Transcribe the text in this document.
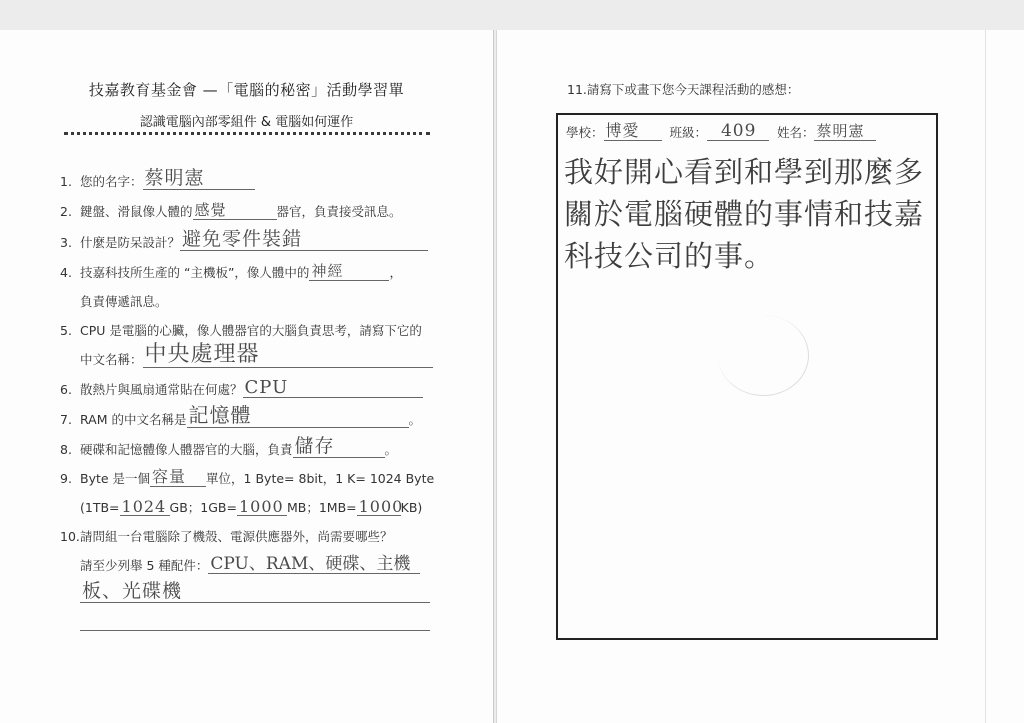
技嘉教育基金會 —「電腦的秘密」活動學習單
認識電腦內部零組件 & 電腦如何運作
1. 您的名字： 蔡明憲
2. 鍵盤、滑鼠像人體的 感覺	器官，負責接受訊息。
3. 什麼是防呆設計？ 避免零件裝錯
4. 技嘉科技所生產的 “主機板”，像人體中的 神經	，
負責傳遞訊息。
5. CPU 是電腦的心臟，像人體器官的大腦負責思考，請寫下它的
中文名稱： 中央處理器
6. 散熱片與風扇通常貼在何處？ CPU
7. RAM 的中文名稱是 記憶體	。
8. 硬碟和記憶體像人體器官的大腦，負責 儲存	。
9. Byte 是一個 容量 單位，1 Byte= 8bit，1 K= 1024 Byte
(1TB= 1024 GB；1GB= 1000 MB；1MB= 1000
KB)
10.請問組一台電腦除了機殼、電源供應器外，尚需要哪些？
請至少列舉 5 種配件： CPU、RAM、硬碟、主機
板、光碟機
11.請寫下或畫下您今天課程活動的感想：
學校： 博愛 班級： 409 姓名： 蔡明憲
我好開心看到和學到那麼多關於電腦硬體的事情和技嘉科技公司的事。
